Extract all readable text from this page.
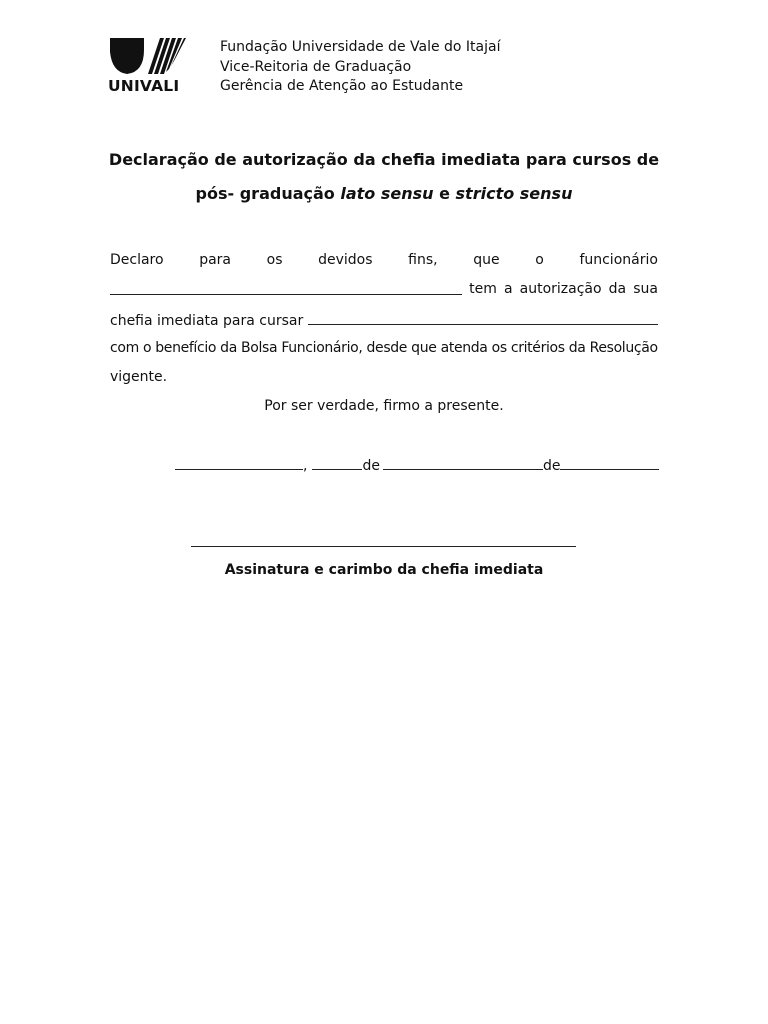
UNIVALI
Fundação Universidade de Vale do Itajaí
Vice-Reitoria de Graduação
Gerência de Atenção ao Estudante
Declaração de autorização da chefia imediata para cursos de
pós- graduação lato sensu e stricto sensu
Declaro	para	os	devidos	fins,	que	o	funcionário
tem a autorização da sua
chefia imediata para cursar
com o benefício da Bolsa Funcionário, desde que atenda os critérios da Resolução
vigente.
Por ser verdade, firmo a presente.
,	de	de
Assinatura e carimbo da chefia imediata
